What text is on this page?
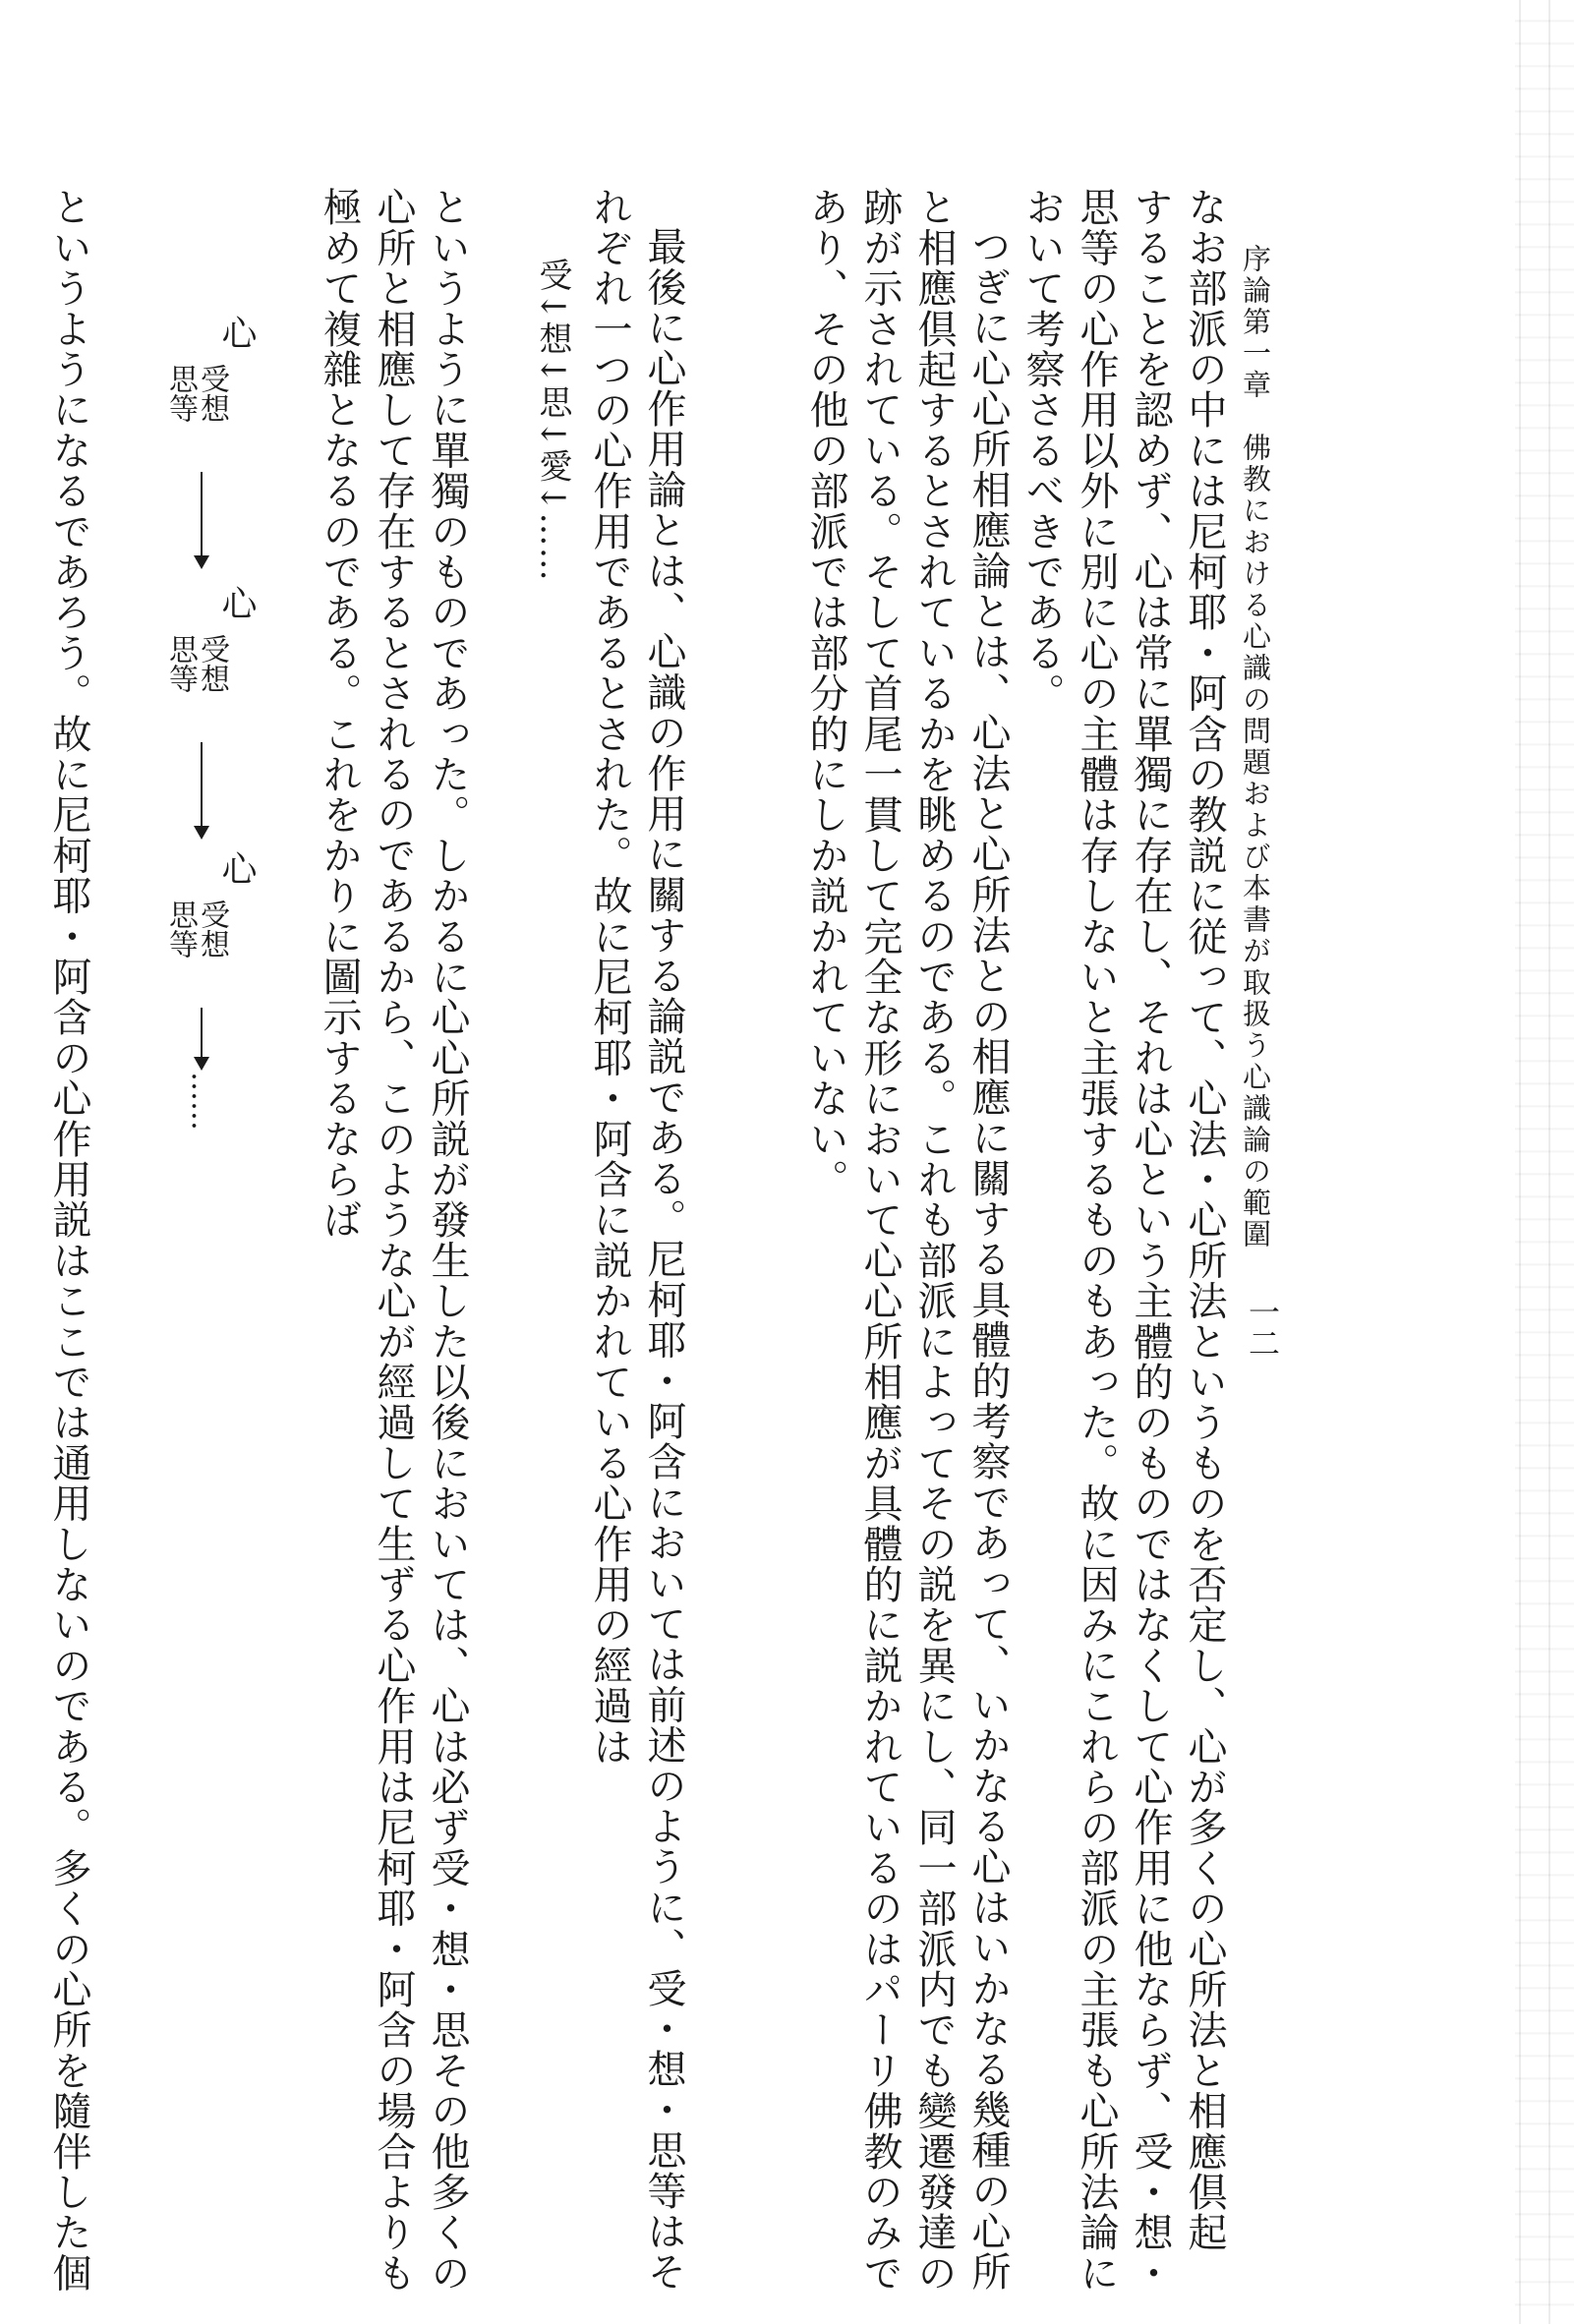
序論第一章　佛教における心識の問題および本書が取扱う心識論の範圍
一二
なお部派の中には尼柯耶・阿含の教説に従って、心法・心所法というものを否定し、心が多くの心所法と相應倶起
することを認めず、心は常に單獨に存在し、それは心という主體的のものではなくして心作用に他ならず、受・想・
思等の心作用以外に別に心の主體は存しないと主張するものもあった。故に因みにこれらの部派の主張も心所法論に
おいて考察さるべきである。
つぎに心心所相應論とは、心法と心所法との相應に關する具體的考察であって、いかなる心はいかなる幾種の心所
と相應倶起するとされているかを眺めるのである。これも部派によってその説を異にし、同一部派内でも變遷發達の
跡が示されている。そして首尾一貫して完全な形において心心所相應が具體的に説かれているのはパーリ佛教のみで
あり、その他の部派では部分的にしか説かれていない。
最後に心作用論とは、心識の作用に關する論説である。尼柯耶・阿含においては前述のように、受・想・思等はそ
れぞれ一つの心作用であるとされた。故に尼柯耶・阿含に説かれている心作用の經過は
受↓想↓思↓愛↓……
というように單獨のものであった。しかるに心心所説が發生した以後においては、心は必ず受・想・思その他多くの
心所と相應して存在するとされるのであるから、このような心が經過して生ずる心作用は尼柯耶・阿含の場合よりも
極めて複雜となるのである。これをかりに圖示するならば
心
受想
思等
心
受想
思等
心
受想
思等
……
というようになるであろう。故に尼柯耶・阿含の心作用説はここでは通用しないのである。多くの心所を隨伴した個
